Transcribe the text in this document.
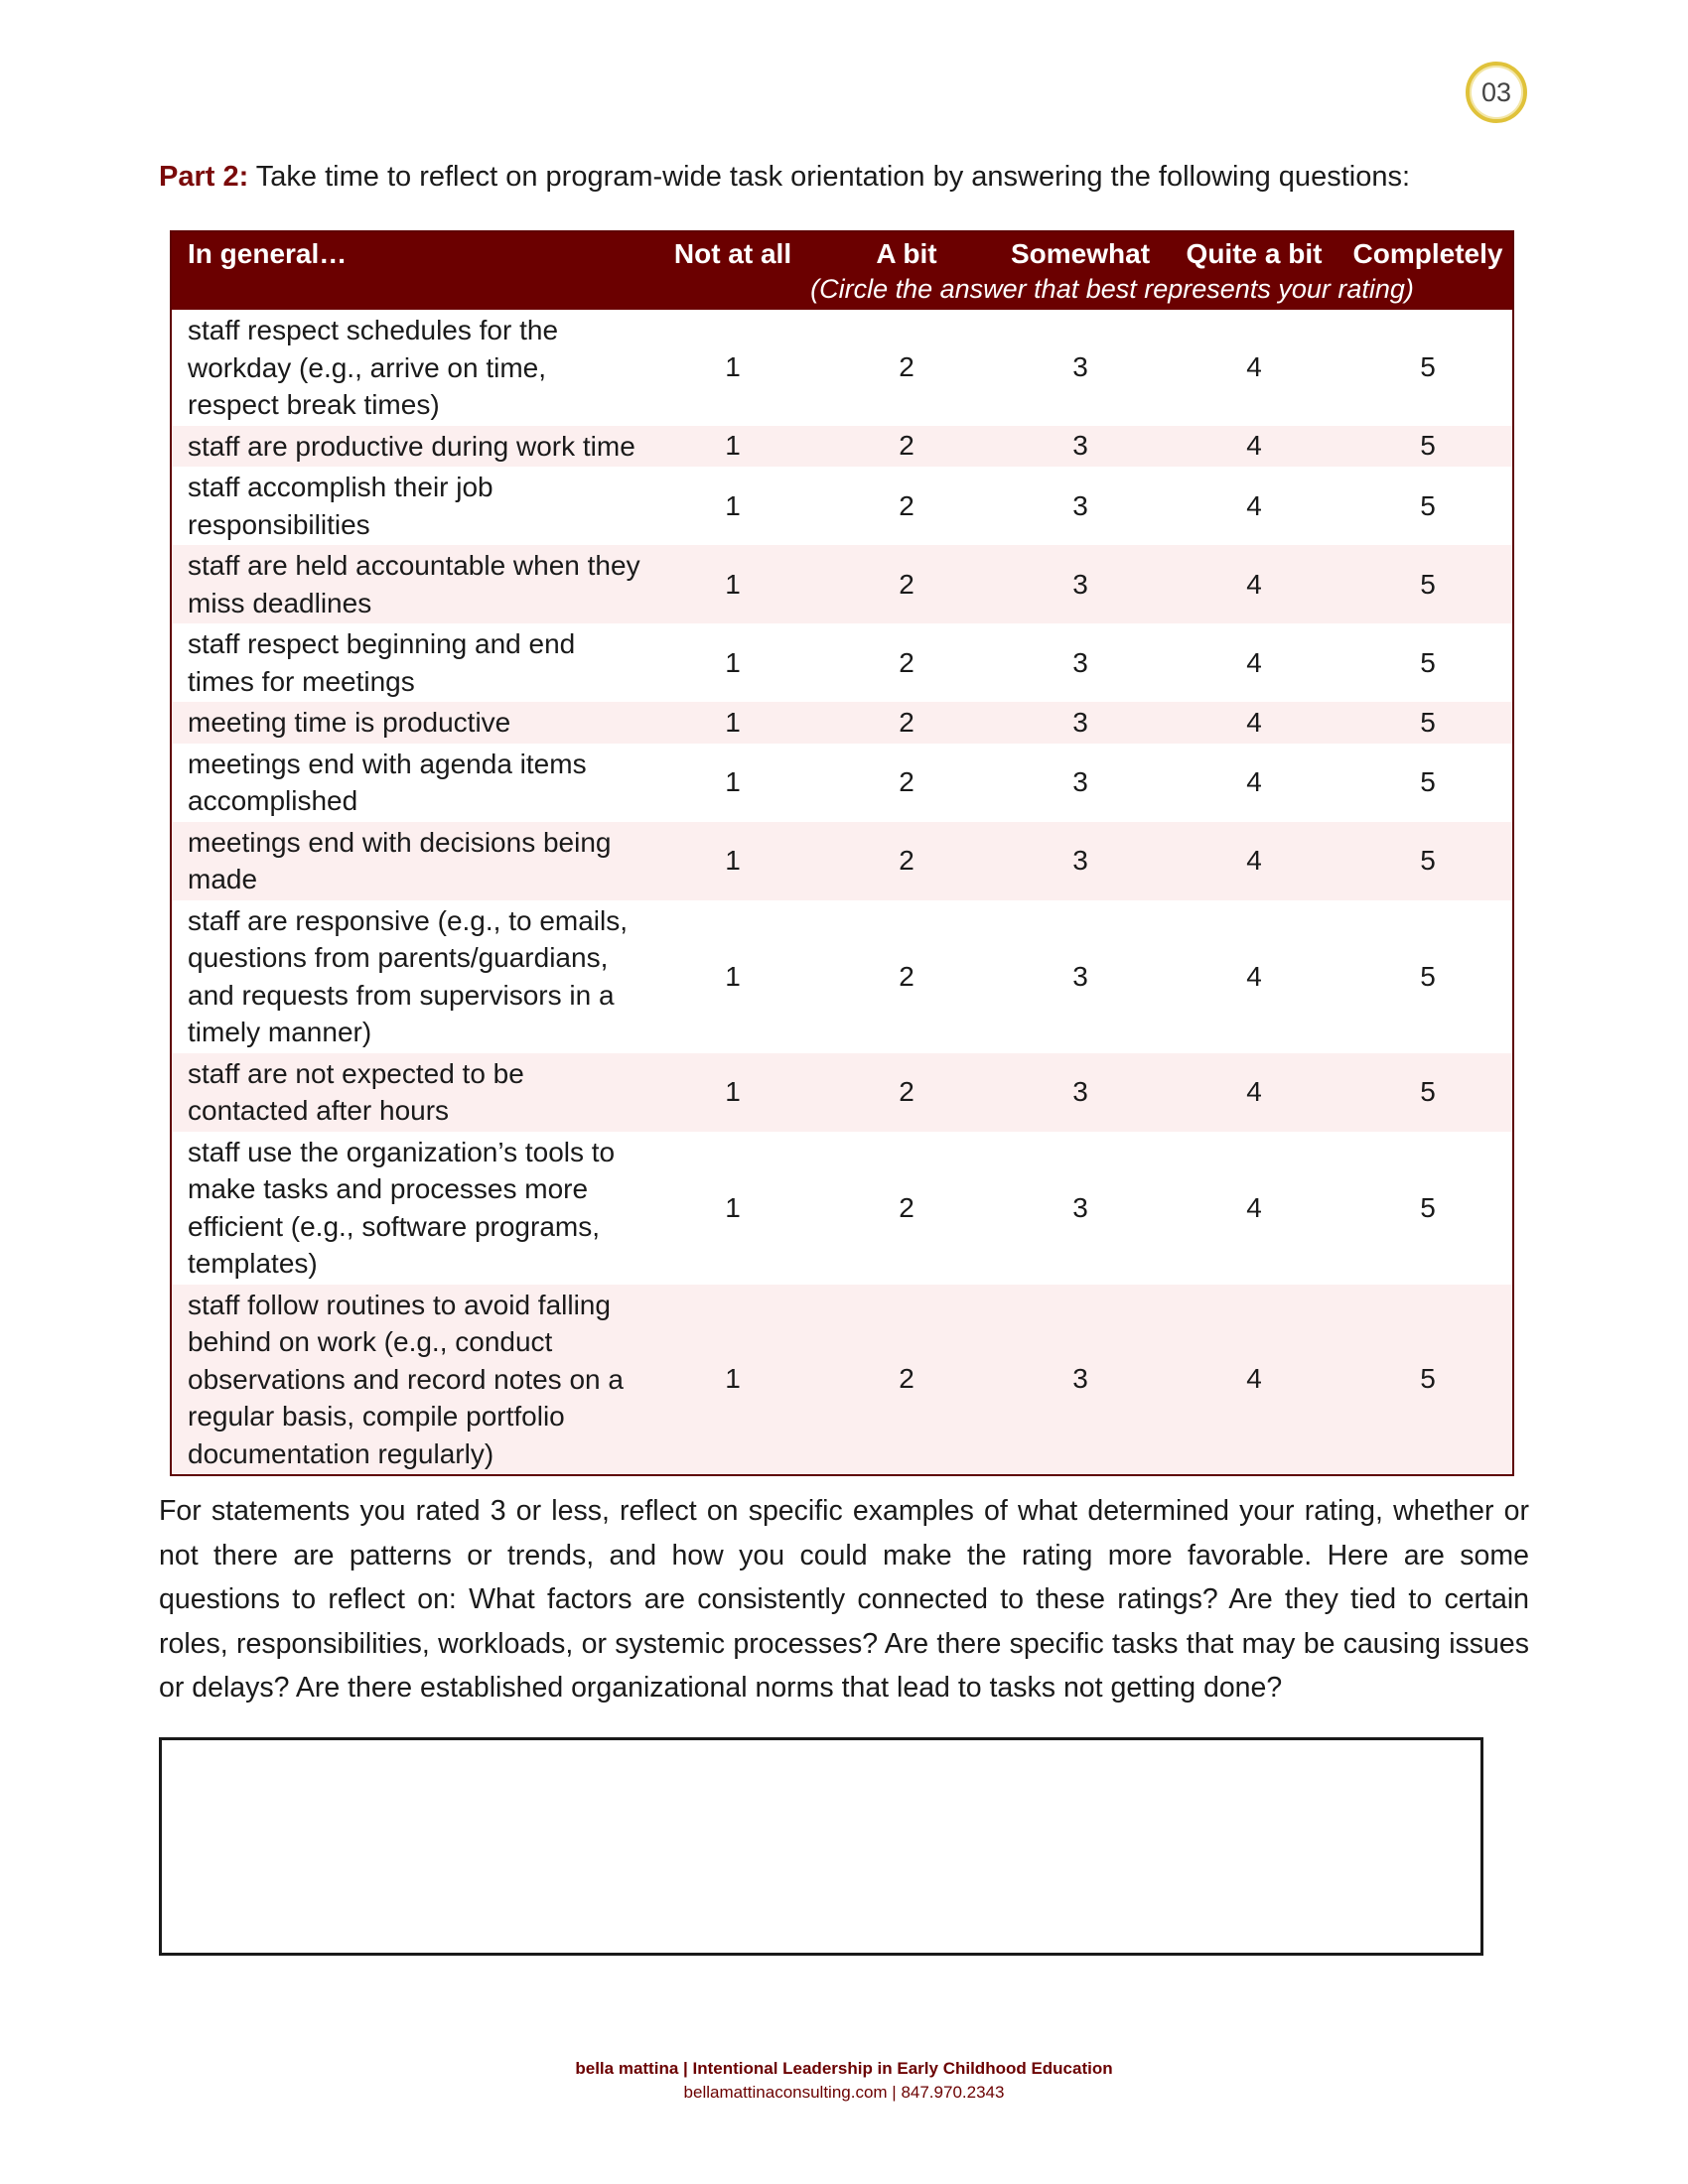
03
Part 2: Take time to reflect on program-wide task orientation by answering the following questions:
In general…	Not at all	A bit	Somewhat	Quite a bit	Completely
(Circle the answer that best represents your rating)
staff respect schedules for the workday (e.g., arrive on time, respect break times)
1	2	3	4	5
staff are productive during work time	1	2	3	4	5
staff accomplish their job responsibilities
1	2	3	4	5
staff are held accountable when they miss deadlines
1	2	3	4	5
staff respect beginning and end times for meetings
1	2	3	4	5
meeting time is productive	1	2	3	4	5
meetings end with agenda items accomplished
1	2	3	4	5
meetings end with decisions being made
1	2	3	4	5
staff are responsive (e.g., to emails, questions from parents/guardians, and requests from supervisors in a timely manner)
1	2	3	4	5
staff are not expected to be contacted after hours
1	2	3	4	5
staff use the organization’s tools to make tasks and processes more efficient (e.g., software programs, templates)
1	2	3	4	5
staff follow routines to avoid falling behind on work (e.g., conduct observations and record notes on a regular basis, compile portfolio documentation regularly)
1	2	3	4	5
For statements you rated 3 or less, reflect on specific examples of what determined your rating, whether or not there are patterns or trends, and how you could make the rating more favorable. Here are some questions to reflect on: What factors are consistently connected to these ratings? Are they tied to certain roles, responsibilities, workloads, or systemic processes? Are there specific tasks that may be causing issues or delays? Are there established organizational norms that lead to tasks not getting done?
bella mattina | Intentional Leadership in Early Childhood Education
bellamattinaconsulting.com | 847.970.2343
